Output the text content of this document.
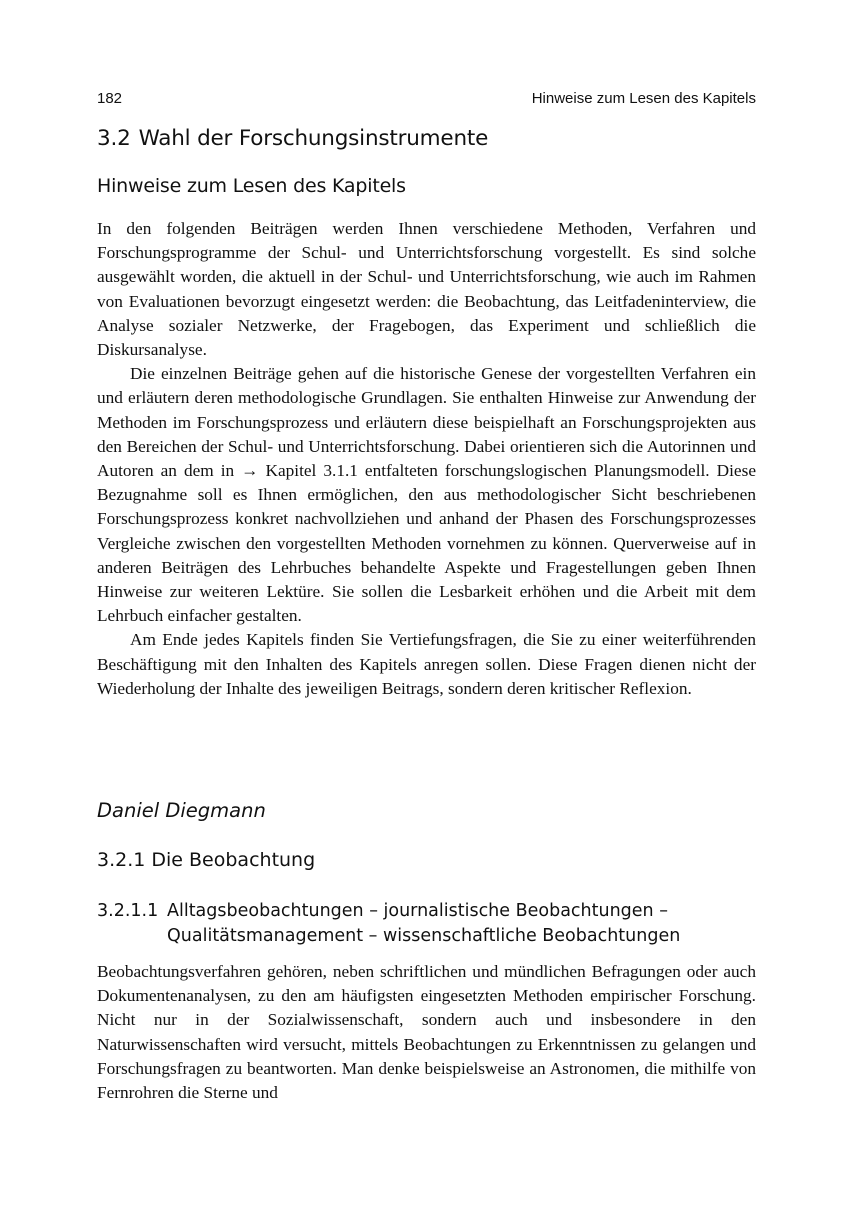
182	Hinweise zum Lesen des Kapitels
3.2 Wahl der Forschungsinstrumente
Hinweise zum Lesen des Kapitels

In den folgenden Beiträgen werden Ihnen verschiedene Methoden, Verfahren und Forschungsprogramme der Schul- und Unterrichtsforschung vorgestellt. Es sind solche ausgewählt worden, die aktuell in der Schul- und Unterrichtsforschung, wie auch im Rahmen von Evaluationen bevorzugt eingesetzt werden: die Beobachtung, das Leitfadeninterview, die Analyse sozialer Netzwerke, der Fragebogen, das Experiment und schließlich die Diskursanalyse.

Die einzelnen Beiträge gehen auf die historische Genese der vorgestellten Verfahren ein und erläutern deren methodologische Grundlagen. Sie enthalten Hinweise zur Anwendung der Methoden im Forschungsprozess und erläutern diese beispielhaft an Forschungsprojekten aus den Bereichen der Schul- und Unterrichtsforschung. Dabei orientieren sich die Autorinnen und Autoren an dem in → Kapitel 3.1.1 entfalteten forschungslogischen Planungsmodell. Diese Bezugnahme soll es Ihnen ermöglichen, den aus methodologischer Sicht beschriebenen Forschungsprozess konkret nachvollziehen und anhand der Phasen des Forschungsprozesses Vergleiche zwischen den vorgestellten Methoden vornehmen zu können. Querverweise auf in anderen Beiträgen des Lehrbuches behandelte Aspekte und Fragestellungen geben Ihnen Hinweise zur weiteren Lektüre. Sie sollen die Lesbarkeit erhöhen und die Arbeit mit dem Lehrbuch einfacher gestalten.

Am Ende jedes Kapitels finden Sie Vertiefungsfragen, die Sie zu einer weiterführenden Beschäftigung mit den Inhalten des Kapitels anregen sollen. Diese Fragen dienen nicht der Wiederholung der Inhalte des jeweiligen Beitrags, sondern deren kritischer Reflexion.

Daniel Diegmann
3.2.1 Die Beobachtung
3.2.1.1 Alltagsbeobachtungen – journalistische Beobachtungen –
Qualitätsmanagement – wissenschaftliche Beobachtungen

Beobachtungsverfahren gehören, neben schriftlichen und mündlichen Befragungen oder auch Dokumentenanalysen, zu den am häufigsten eingesetzten Methoden empirischer Forschung. Nicht nur in der Sozialwissenschaft, sondern auch und insbesondere in den Naturwissenschaften wird versucht, mittels Beobachtungen zu Erkenntnissen zu gelangen und Forschungsfragen zu beantworten. Man denke beispielsweise an Astronomen, die mithilfe von Fernrohren die Sterne und
